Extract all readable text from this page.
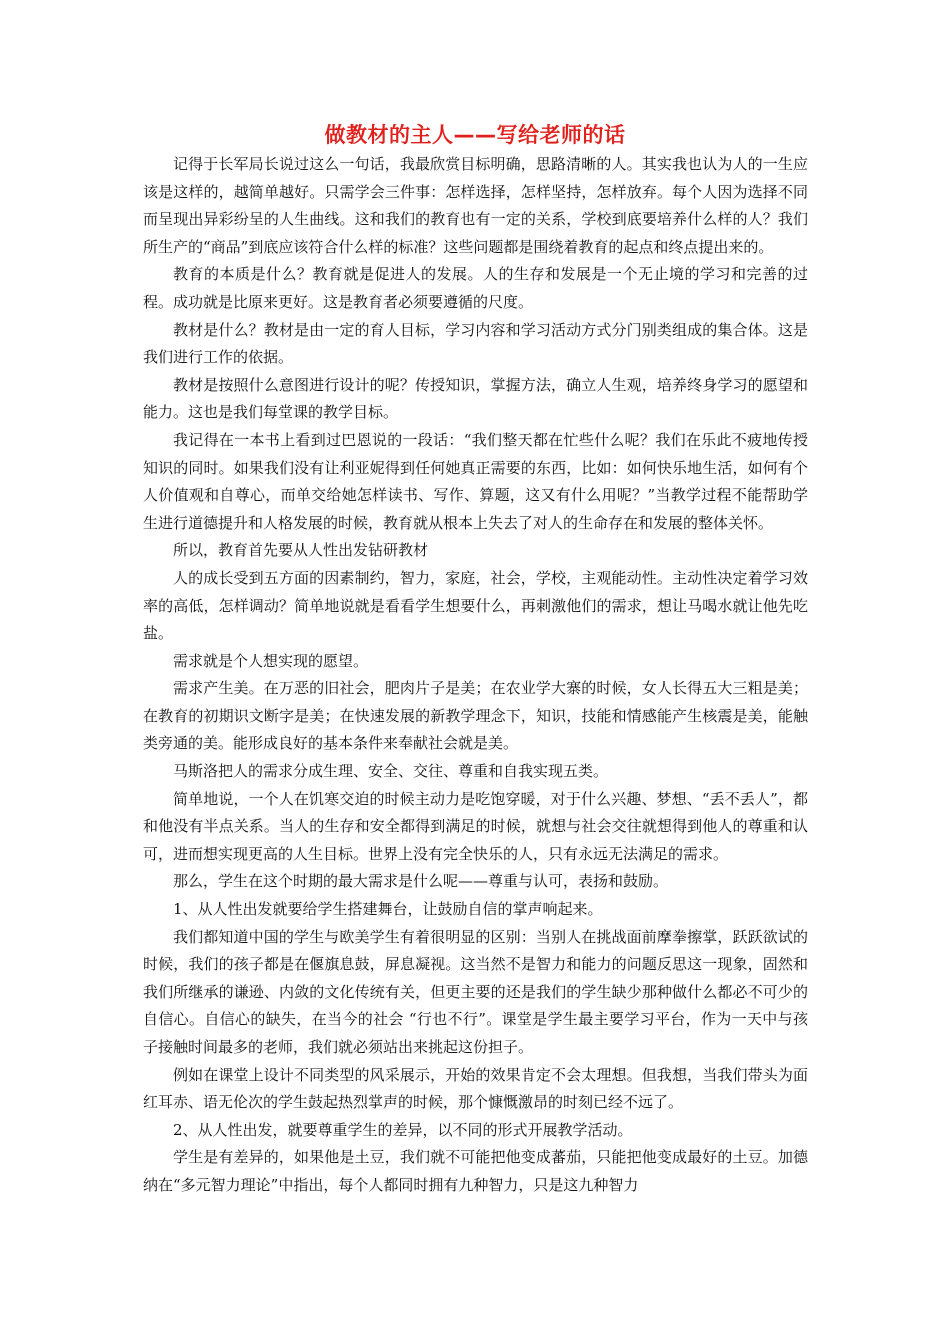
做教材的主人——写给老师的话

记得于长军局长说过这么一句话，我最欣赏目标明确，思路清晰的人。其实我也认为人的一生应该是这样的，越简单越好。只需学会三件事：怎样选择，怎样坚持，怎样放弃。每个人因为选择不同而呈现出异彩纷呈的人生曲线。这和我们的教育也有一定的关系，学校到底要培养什么样的人？我们所生产的“商品”到底应该符合什么样的标准？这些问题都是围绕着教育的起点和终点提出来的。

教育的本质是什么？教育就是促进人的发展。人的生存和发展是一个无止境的学习和完善的过程。成功就是比原来更好。这是教育者必须要遵循的尺度。

教材是什么？教材是由一定的育人目标，学习内容和学习活动方式分门别类组成的集合体。这是我们进行工作的依据。

教材是按照什么意图进行设计的呢？传授知识，掌握方法，确立人生观，培养终身学习的愿望和能力。这也是我们每堂课的教学目标。

我记得在一本书上看到过巴恩说的一段话：“我们整天都在忙些什么呢？我们在乐此不疲地传授知识的同时。如果我们没有让利亚妮得到任何她真正需要的东西，比如：如何快乐地生活，如何有个人价值观和自尊心，而单交给她怎样读书、写作、算题，这又有什么用呢？”当教学过程不能帮助学生进行道德提升和人格发展的时候，教育就从根本上失去了对人的生命存在和发展的整体关怀。

所以，教育首先要从人性出发钻研教材

人的成长受到五方面的因素制约，智力，家庭，社会，学校，主观能动性。主动性决定着学习效率的高低，怎样调动？简单地说就是看看学生想要什么，再刺激他们的需求，想让马喝水就让他先吃盐。

需求就是个人想实现的愿望。

需求产生美。在万恶的旧社会，肥肉片子是美；在农业学大寨的时候，女人长得五大三粗是美；在教育的初期识文断字是美；在快速发展的新教学理念下，知识，技能和情感能产生核震是美，能触类旁通的美。能形成良好的基本条件来奉献社会就是美。

马斯洛把人的需求分成生理、安全、交往、尊重和自我实现五类。

简单地说，一个人在饥寒交迫的时候主动力是吃饱穿暖，对于什么兴趣、梦想、“丢不丢人”，都和他没有半点关系。当人的生存和安全都得到满足的时候，就想与社会交往就想得到他人的尊重和认可，进而想实现更高的人生目标。世界上没有完全快乐的人，只有永远无法满足的需求。

那么，学生在这个时期的最大需求是什么呢——尊重与认可，表扬和鼓励。

1、从人性出发就要给学生搭建舞台，让鼓励自信的掌声响起来。

我们都知道中国的学生与欧美学生有着很明显的区别：当别人在挑战面前摩拳擦掌，跃跃欲试的时候，我们的孩子都是在偃旗息鼓，屏息凝视。这当然不是智力和能力的问题反思这一现象，固然和我们所继承的谦逊、内敛的文化传统有关，但更主要的还是我们的学生缺少那种做什么都必不可少的自信心。自信心的缺失，在当今的社会 “行也不行”。课堂是学生最主要学习平台，作为一天中与孩子接触时间最多的老师，我们就必须站出来挑起这份担子。

例如在课堂上设计不同类型的风采展示，开始的效果肯定不会太理想。但我想，当我们带头为面红耳赤、语无伦次的学生鼓起热烈掌声的时候，那个慷慨激昂的时刻已经不远了。

2、从人性出发，就要尊重学生的差异，以不同的形式开展教学活动。

学生是有差异的，如果他是土豆，我们就不可能把他变成蕃茄，只能把他变成最好的土豆。加德纳在“多元智力理论”中指出，每个人都同时拥有九种智力，只是这九种智力
